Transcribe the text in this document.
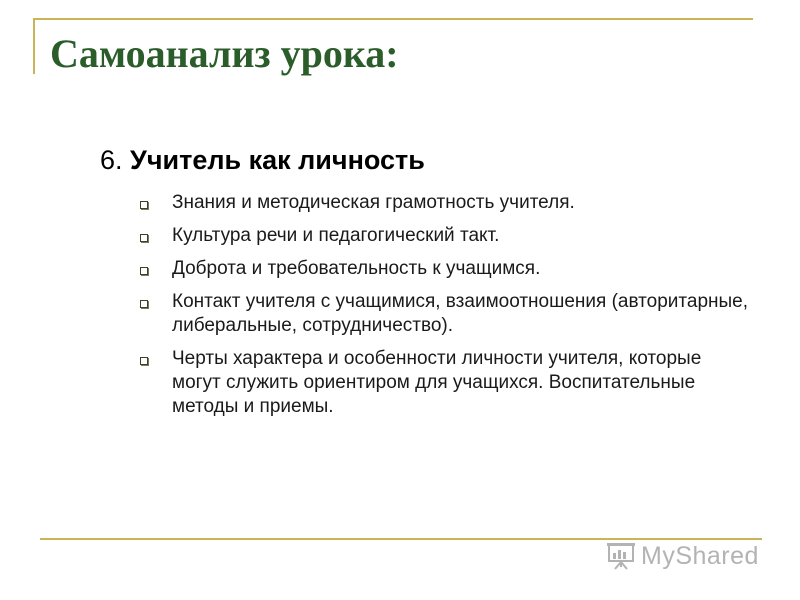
Самоанализ урока:
6. Учитель как личность
Знания и методическая грамотность учителя.
Культура речи и педагогический такт.
Доброта и требовательность к учащимся.
Контакт учителя с учащимися, взаимоотношения (авторитарные, либеральные, сотрудничество).
Черты характера и особенности личности учителя, которые могут служить ориентиром для учащихся. Воспитательные методы и приемы.
MyShared
